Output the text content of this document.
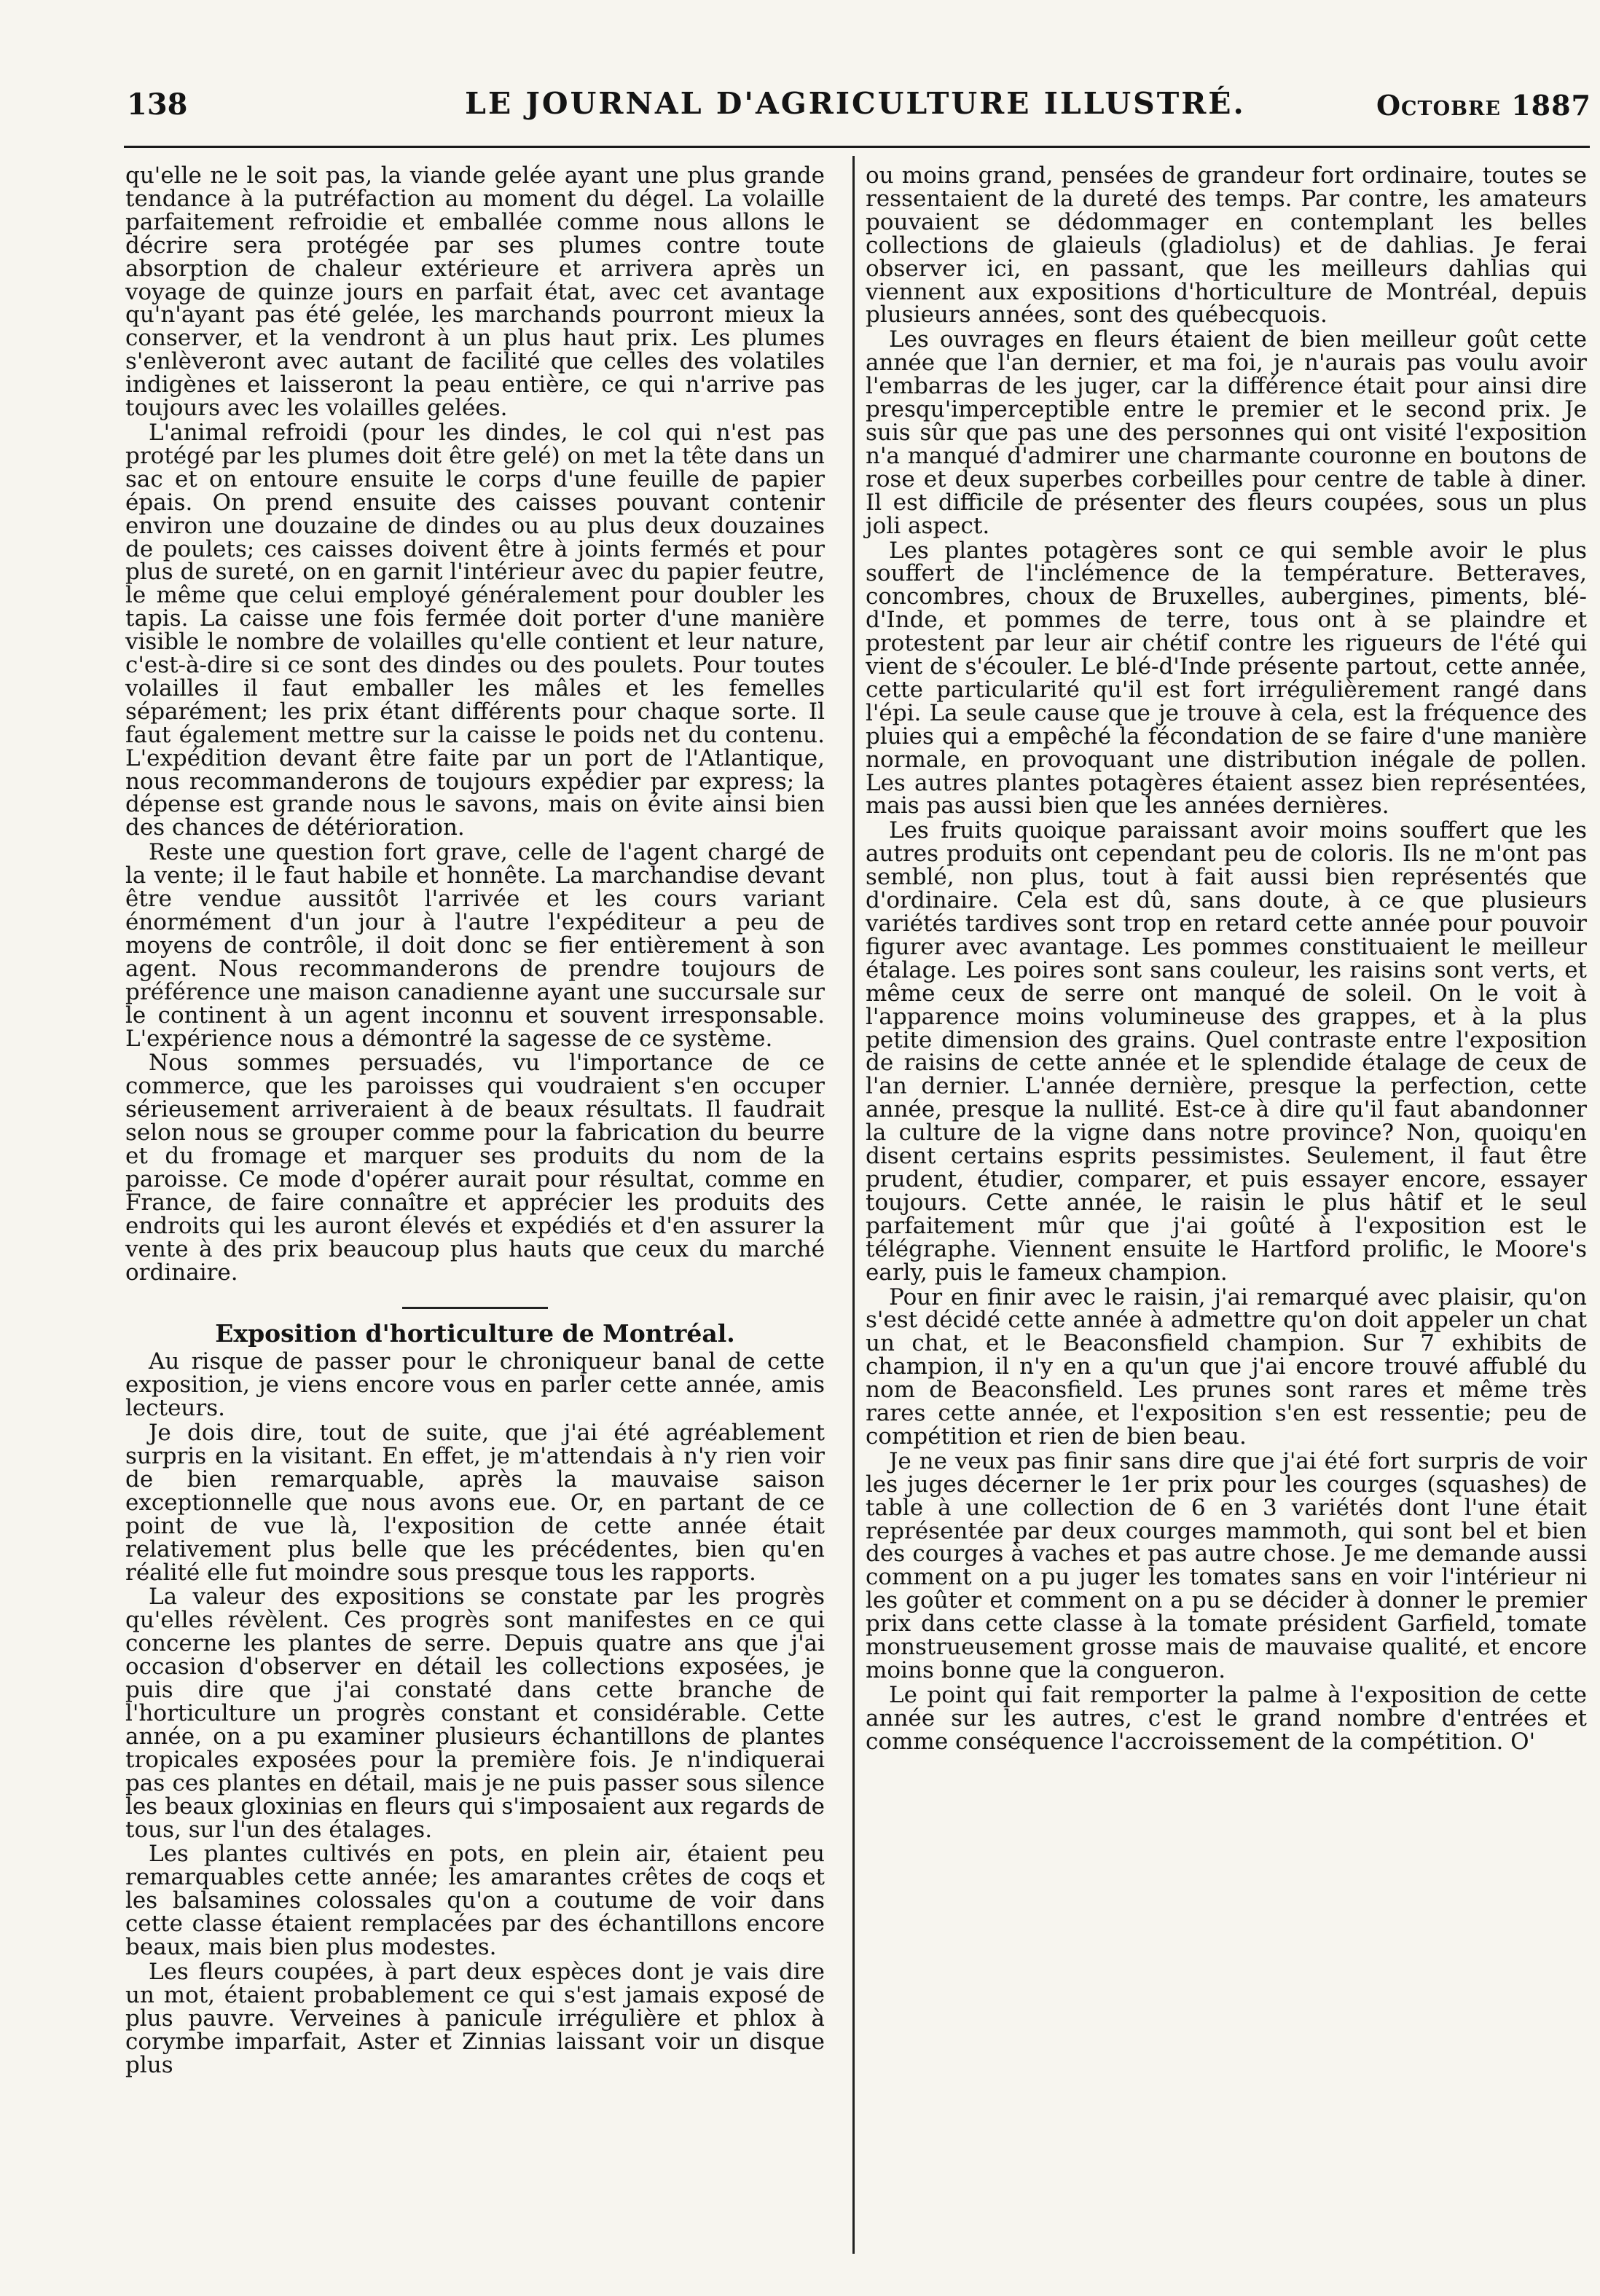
138	LE JOURNAL D'AGRICULTURE ILLUSTRÉ.	Octobre 1887

qu'elle ne le soit pas, la viande gelée ayant une plus grande tendance à la putréfaction au moment du dégel. La volaille parfaitement refroidie et emballée comme nous allons le décrire sera protégée par ses plumes contre toute absorption de chaleur extérieure et arrivera après un voyage de quinze jours en parfait état, avec cet avantage qu'n'ayant pas été gelée, les marchands pourront mieux la conserver, et la vendront à un plus haut prix. Les plumes s'enlèveront avec autant de facilité que celles des volatiles indigènes et laisseront la peau entière, ce qui n'arrive pas toujours avec les volailles gelées.

L'animal refroidi (pour les dindes, le col qui n'est pas protégé par les plumes doit être gelé) on met la tête dans un sac et on entoure ensuite le corps d'une feuille de papier épais. On prend ensuite des caisses pouvant contenir environ une douzaine de dindes ou au plus deux douzaines de poulets; ces caisses doivent être à joints fermés et pour plus de sureté, on en garnit l'intérieur avec du papier feutre, le même que celui employé généralement pour doubler les tapis. La caisse une fois fermée doit porter d'une manière visible le nombre de volailles qu'elle contient et leur nature, c'est-à-dire si ce sont des dindes ou des poulets. Pour toutes volailles il faut emballer les mâles et les femelles séparément; les prix étant différents pour chaque sorte. Il faut également mettre sur la caisse le poids net du contenu. L'expédition devant être faite par un port de l'Atlantique, nous recommanderons de toujours expédier par express; la dépense est grande nous le savons, mais on évite ainsi bien des chances de détérioration.

Reste une question fort grave, celle de l'agent chargé de la vente; il le faut habile et honnête. La marchandise devant être vendue aussitôt l'arrivée et les cours variant énormément d'un jour à l'autre l'expéditeur a peu de moyens de contrôle, il doit donc se fier entièrement à son agent. Nous recommanderons de prendre toujours de préférence une maison canadienne ayant une succursale sur le continent à un agent inconnu et souvent irresponsable. L'expérience nous a démontré la sagesse de ce système.

Nous sommes persuadés, vu l'importance de ce commerce, que les paroisses qui voudraient s'en occuper sérieusement arriveraient à de beaux résultats. Il faudrait selon nous se grouper comme pour la fabrication du beurre et du fromage et marquer ses produits du nom de la paroisse. Ce mode d'opérer aurait pour résultat, comme en France, de faire connaître et apprécier les produits des endroits qui les auront élevés et expédiés et d'en assurer la vente à des prix beaucoup plus hauts que ceux du marché ordinaire.

Exposition d'horticulture de Montréal.

Au risque de passer pour le chroniqueur banal de cette exposition, je viens encore vous en parler cette année, amis lecteurs.

Je dois dire, tout de suite, que j'ai été agréablement surpris en la visitant. En effet, je m'attendais à n'y rien voir de bien remarquable, après la mauvaise saison exceptionnelle que nous avons eue. Or, en partant de ce point de vue là, l'exposition de cette année était relativement plus belle que les précédentes, bien qu'en réalité elle fut moindre sous presque tous les rapports.

La valeur des expositions se constate par les progrès qu'elles révèlent. Ces progrès sont manifestes en ce qui concerne les plantes de serre. Depuis quatre ans que j'ai occasion d'observer en détail les collections exposées, je puis dire que j'ai constaté dans cette branche de l'horticulture un progrès constant et considérable. Cette année, on a pu examiner plusieurs échantillons de plantes tropicales exposées pour la première fois. Je n'indiquerai pas ces plantes en détail, mais je ne puis passer sous silence les beaux gloxinias en fleurs qui s'imposaient aux regards de tous, sur l'un des étalages.

Les plantes cultivés en pots, en plein air, étaient peu remarquables cette année; les amarantes crêtes de coqs et les balsamines colossales qu'on a coutume de voir dans cette classe étaient remplacées par des échantillons encore beaux, mais bien plus modestes.

Les fleurs coupées, à part deux espèces dont je vais dire un mot, étaient probablement ce qui s'est jamais exposé de plus pauvre. Verveines à panicule irrégulière et phlox à corymbe imparfait, Aster et Zinnias laissant voir un disque plus

ou moins grand, pensées de grandeur fort ordinaire, toutes se ressentaient de la dureté des temps. Par contre, les amateurs pouvaient se dédommager en contemplant les belles collections de glaieuls (gladiolus) et de dahlias. Je ferai observer ici, en passant, que les meilleurs dahlias qui viennent aux expositions d'horticulture de Montréal, depuis plusieurs années, sont des québecquois.

Les ouvrages en fleurs étaient de bien meilleur goût cette année que l'an dernier, et ma foi, je n'aurais pas voulu avoir l'embarras de les juger, car la différence était pour ainsi dire presqu'imperceptible entre le premier et le second prix. Je suis sûr que pas une des personnes qui ont visité l'exposition n'a manqué d'admirer une charmante couronne en boutons de rose et deux superbes corbeilles pour centre de table à diner. Il est difficile de présenter des fleurs coupées, sous un plus joli aspect.

Les plantes potagères sont ce qui semble avoir le plus souffert de l'inclémence de la température. Betteraves, concombres, choux de Bruxelles, aubergines, piments, blé-d'Inde, et pommes de terre, tous ont à se plaindre et protestent par leur air chétif contre les rigueurs de l'été qui vient de s'écouler. Le blé-d'Inde présente partout, cette année, cette particularité qu'il est fort irrégulièrement rangé dans l'épi. La seule cause que je trouve à cela, est la fréquence des pluies qui a empêché la fécondation de se faire d'une manière normale, en provoquant une distribution inégale de pollen. Les autres plantes potagères étaient assez bien représentées, mais pas aussi bien que les années dernières.

Les fruits quoique paraissant avoir moins souffert que les autres produits ont cependant peu de coloris. Ils ne m'ont pas semblé, non plus, tout à fait aussi bien représentés que d'ordinaire. Cela est dû, sans doute, à ce que plusieurs variétés tardives sont trop en retard cette année pour pouvoir figurer avec avantage. Les pommes constituaient le meilleur étalage. Les poires sont sans couleur, les raisins sont verts, et même ceux de serre ont manqué de soleil. On le voit à l'apparence moins volumineuse des grappes, et à la plus petite dimension des grains. Quel contraste entre l'exposition de raisins de cette année et le splendide étalage de ceux de l'an dernier. L'année dernière, presque la perfection, cette année, presque la nullité. Est-ce à dire qu'il faut abandonner la culture de la vigne dans notre province? Non, quoiqu'en disent certains esprits pessimistes. Seulement, il faut être prudent, étudier, comparer, et puis essayer encore, essayer toujours. Cette année, le raisin le plus hâtif et le seul parfaitement mûr que j'ai goûté à l'exposition est le télégraphe. Viennent ensuite le Hartford prolific, le Moore's early, puis le fameux champion.

Pour en finir avec le raisin, j'ai remarqué avec plaisir, qu'on s'est décidé cette année à admettre qu'on doit appeler un chat un chat, et le Beaconsfield champion. Sur 7 exhibits de champion, il n'y en a qu'un que j'ai encore trouvé affublé du nom de Beaconsfield. Les prunes sont rares et même très rares cette année, et l'exposition s'en est ressentie; peu de compétition et rien de bien beau.

Je ne veux pas finir sans dire que j'ai été fort surpris de voir les juges décerner le 1er prix pour les courges (squashes) de table à une collection de 6 en 3 variétés dont l'une était représentée par deux courges mammoth, qui sont bel et bien des courges à vaches et pas autre chose. Je me demande aussi comment on a pu juger les tomates sans en voir l'intérieur ni les goûter et comment on a pu se décider à donner le premier prix dans cette classe à la tomate président Garfield, tomate monstrueusement grosse mais de mauvaise qualité, et encore moins bonne que la congueron.

Le point qui fait remporter la palme à l'exposition de cette année sur les autres, c'est le grand nombre d'entrées et comme conséquence l'accroissement de la compétition. O'
